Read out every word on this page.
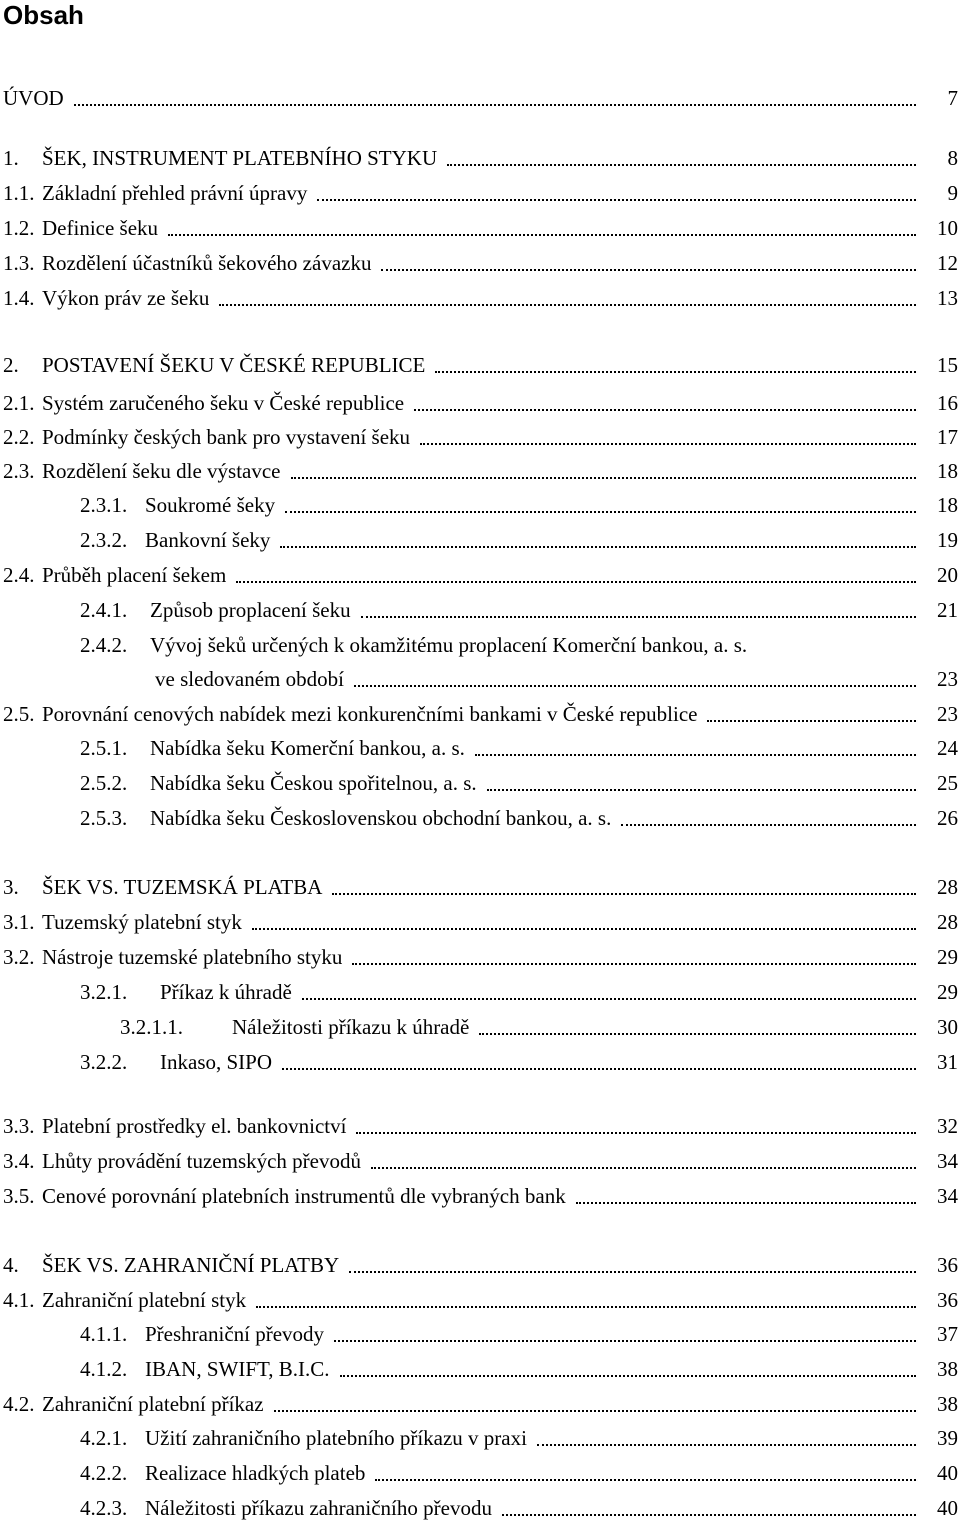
Obsah
ÚVOD	7
1. ŠEK, INSTRUMENT PLATEBNÍHO STYKU	8
1.1. Základní přehled právní úpravy	9
1.2. Definice šeku	10
1.3. Rozdělení účastníků šekového závazku	12
1.4. Výkon práv ze šeku	13
2. POSTAVENÍ ŠEKU V ČESKÉ REPUBLICE	15
2.1. Systém zaručeného šeku v České republice	16
2.2. Podmínky českých bank pro vystavení šeku	17
2.3. Rozdělení šeku dle výstavce	18
2.3.1. Soukromé šeky	18
2.3.2. Bankovní šeky	19
2.4. Průběh placení šekem	20
2.4.1. Způsob proplacení šeku	21
2.4.2. Vývoj šeků určených k okamžitému proplacení Komerční bankou, a. s.
ve sledovaném období	23
2.5. Porovnání cenových nabídek mezi konkurenčními bankami v České republice	23
2.5.1. Nabídka šeku Komerční bankou, a. s.	24
2.5.2. Nabídka šeku Českou spořitelnou, a. s.	25
2.5.3. Nabídka šeku Československou obchodní bankou, a. s.	26
3. ŠEK VS. TUZEMSKÁ PLATBA	28
3.1. Tuzemský platební styk	28
3.2. Nástroje tuzemské platebního styku	29
3.2.1. Příkaz k úhradě	29
3.2.1.1. Náležitosti příkazu k úhradě	30
3.2.2. Inkaso, SIPO	31
3.3. Platební prostředky el. bankovnictví	32
3.4. Lhůty provádění tuzemských převodů	34
3.5. Cenové porovnání platebních instrumentů dle vybraných bank	34
4. ŠEK VS. ZAHRANIČNÍ PLATBY	36
4.1. Zahraniční platební styk	36
4.1.1. Přeshraniční převody	37
4.1.2. IBAN, SWIFT, B.I.C.	38
4.2. Zahraniční platební příkaz	38
4.2.1. Užití zahraničního platebního příkazu v praxi	39
4.2.2. Realizace hladkých plateb	40
4.2.3. Náležitosti příkazu zahraničního převodu	40
